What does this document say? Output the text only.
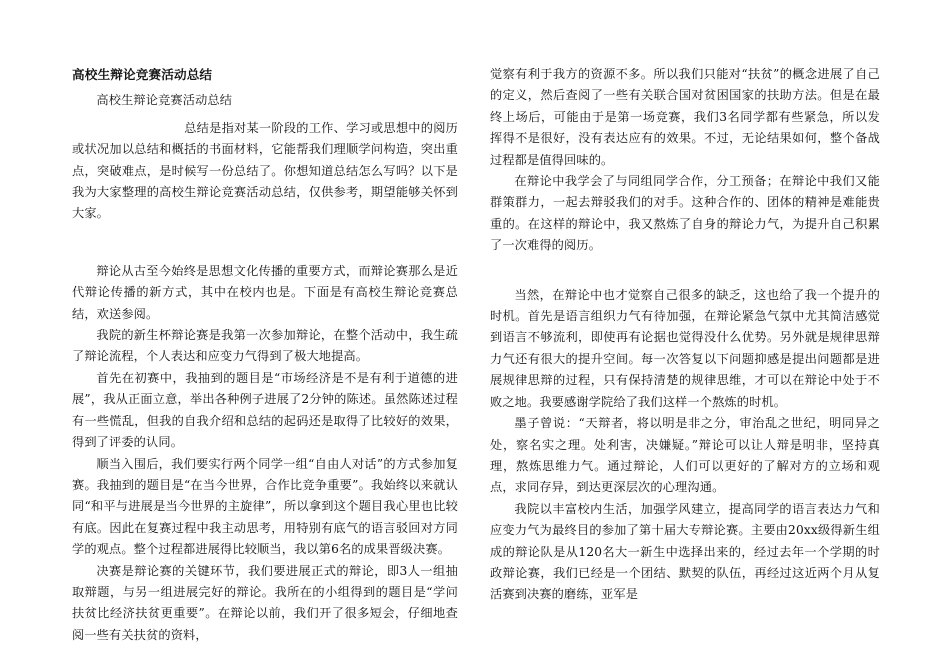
高校生辩论竞赛活动总结

高校生辩论竞赛活动总结

总结是指对某一阶段的工作、学习或思想中的阅历或状况加以总结和概括的书面材料，它能帮我们理顺学问构造，突出重点，突破难点，是时候写一份总结了。你想知道总结怎么写吗？以下是我为大家整理的高校生辩论竞赛活动总结，仅供参考，期望能够关怀到大家。

辩论从古至今始终是思想文化传播的重要方式，而辩论赛那么是近代辩论传播的新方式，其中在校内也是。下面是有高校生辩论竞赛总结，欢送参阅。

我院的新生杯辩论赛是我第一次参加辩论，在整个活动中，我生疏了辩论流程，个人表达和应变力气得到了极大地提高。

首先在初赛中，我抽到的题目是“市场经济是不是有利于道德的进展”，我从正面立意，举出各种例子进展了2分钟的陈述。虽然陈述过程有一些慌乱，但我的自我介绍和总结的起码还是取得了比较好的效果，得到了评委的认同。

顺当入围后，我们要实行两个同学一组“自由人对话”的方式参加复赛。我抽到的题目是“在当今世界，合作比竞争重要”。我始终以来就认同“和平与进展是当今世界的主旋律”，所以拿到这个题目我心里也比较有底。因此在复赛过程中我主动思考，用特别有底气的语言驳回对方同学的观点。整个过程都进展得比较顺当，我以第6名的成果晋级决赛。

决赛是辩论赛的关键环节，我们要进展正式的辩论，即3人一组抽取辩题，与另一组进展完好的辩论。我所在的小组得到的题目是“学问扶贫比经济扶贫更重要”。在辩论以前，我们开了很多短会，仔细地查阅一些有关扶贫的资料，

觉察有利于我方的资源不多。所以我们只能对“扶贫”的概念进展了自己的定义，然后查阅了一些有关联合国对贫困国家的扶助方法。但是在最终上场后，可能由于是第一场竞赛，我们3名同学都有些紧急，所以发挥得不是很好，没有表达应有的效果。不过，无论结果如何，整个备战过程都是值得回味的。

在辩论中我学会了与同组同学合作，分工预备；在辩论中我们又能群策群力，一起去辩驳我们的对手。这种合作的、团体的精神是难能贵重的。在这样的辩论中，我又熬炼了自身的辩论力气，为提升自己积累了一次难得的阅历。

当然，在辩论中也才觉察自己很多的缺乏，这也给了我一个提升的时机。首先是语言组织力气有待加强，在辩论紧急气氛中尤其简洁感觉到语言不够流利，即使再有论据也觉得没什么优势。另外就是规律思辩力气还有很大的提升空间。每一次答复以下问题抑感是提出问题都是进展规律思辩的过程，只有保持清楚的规律思维，才可以在辩论中处于不败之地。我要感谢学院给了我们这样一个熬炼的时机。

墨子曾说：“天辩者，将以明是非之分，审治乱之世纪，明同异之处，察名实之理。处利害，决嫌疑。”辩论可以让人辩是明非，坚持真理，熬炼思维力气。通过辩论，人们可以更好的了解对方的立场和观点，求同存异，到达更深层次的心理沟通。

我院以丰富校内生活，加强学风建立，提高同学的语言表达力气和应变力气为最终目的参加了第十届大专辩论赛。主要由20xx级得新生组成的辩论队是从120名大一新生中选择出来的，经过去年一个学期的时政辩论赛，我们已经是一个团结、默契的队伍，再经过这近两个月从复活赛到决赛的磨练，亚军是
